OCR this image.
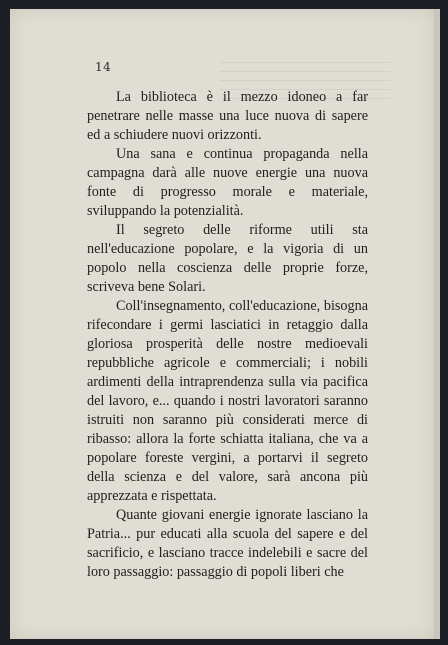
14

La biblioteca è il mezzo idoneo a far penetrare nelle masse una luce nuova di sapere ed a schiudere nuovi orizzonti.

Una sana e continua propaganda nella campagna darà alle nuove energie una nuova fonte di progresso morale e materiale, sviluppando la potenzialità.

Il segreto delle riforme utili sta nell'educazione popolare, e la vigoria di un popolo nella coscienza delle proprie forze, scriveva bene Solari.

Coll'insegnamento, coll'educazione, bisogna rifecondare i germi lasciatici in retaggio dalla gloriosa prosperità delle nostre medioevali repubbliche agricole e commerciali; i nobili ardimenti della intraprendenza sulla via pacifica del lavoro, e... quando i nostri lavoratori saranno istruiti non saranno più considerati merce di ribasso: allora la forte schiatta italiana, che va a popolare foreste vergini, a portarvi il segreto della scienza e del valore, sarà ancona più apprezzata e rispettata.

Quante giovani energie ignorate lasciano la Patria... pur educati alla scuola del sapere e del sacrificio, e lasciano tracce indelebili e sacre del loro passaggio: passaggio di popoli liberi che
